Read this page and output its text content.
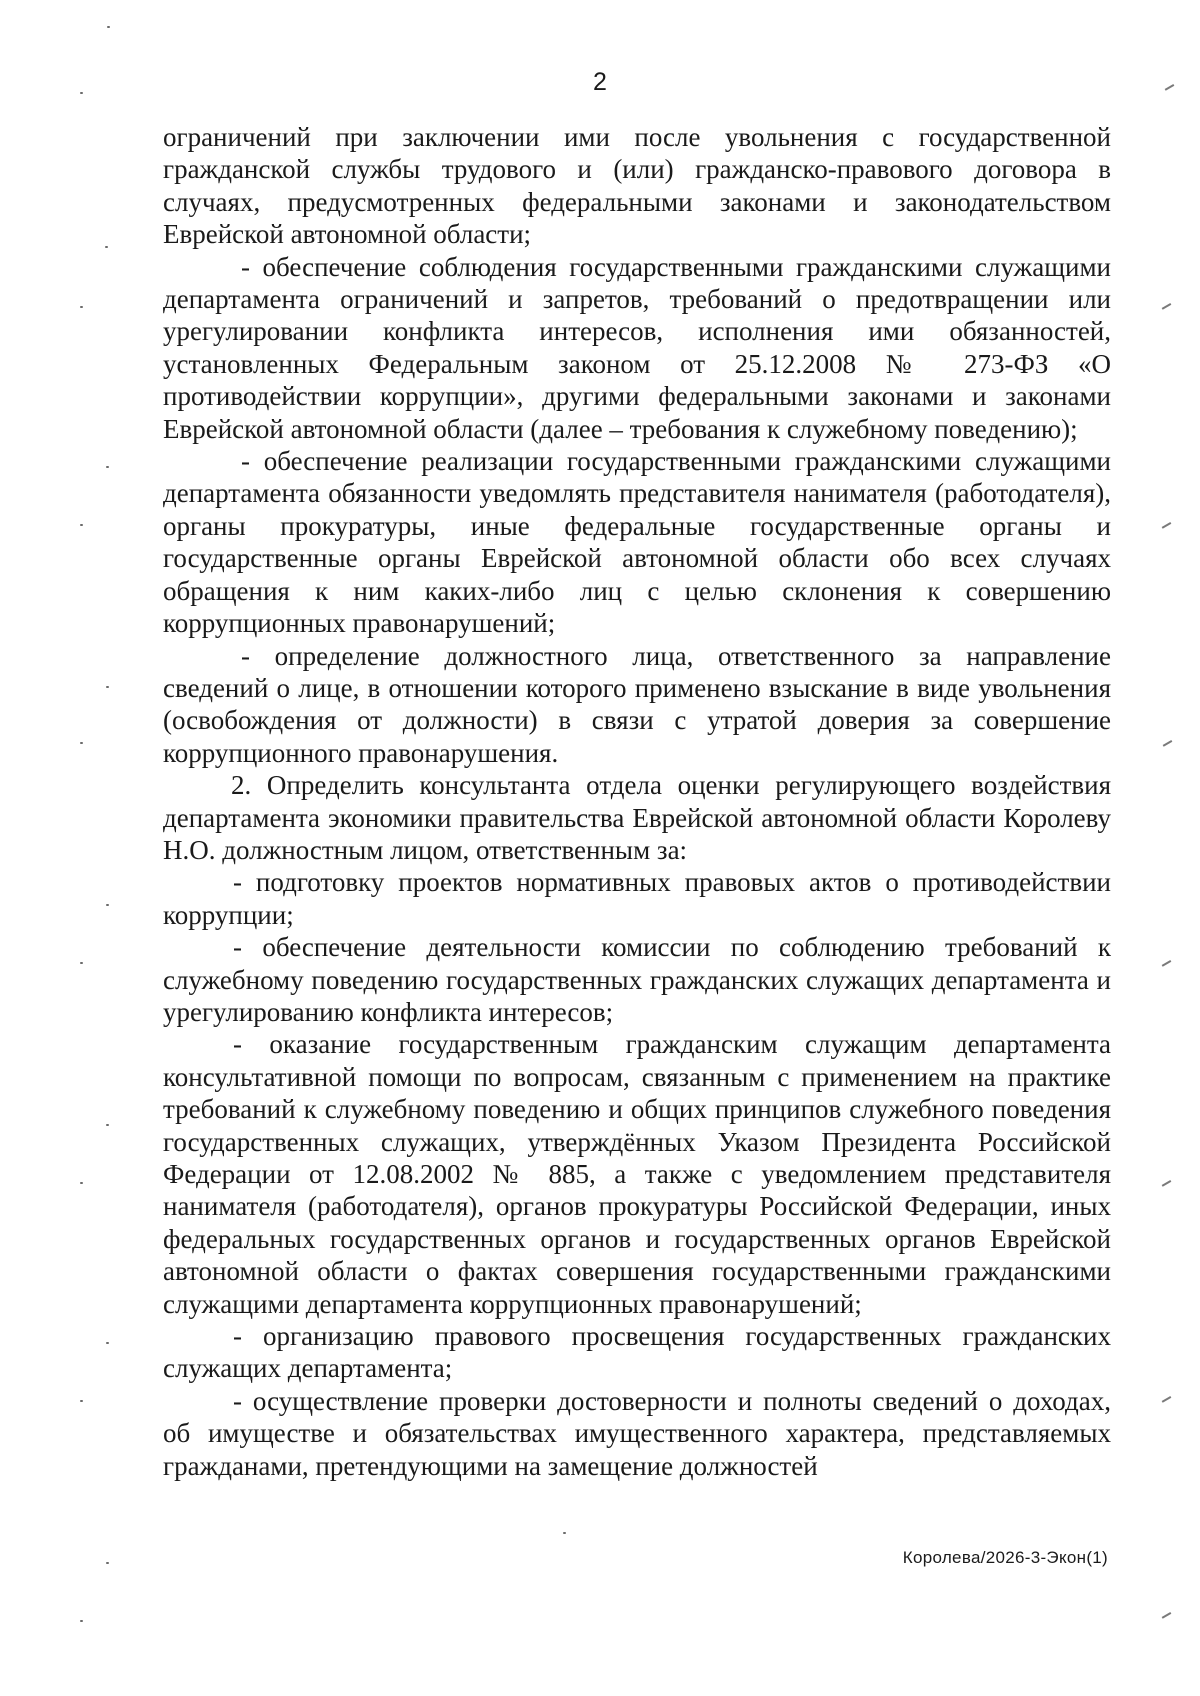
2

ограничений при заключении ими после увольнения с государственной гражданской службы трудового и (или) гражданско-правового договора в случаях, предусмотренных федеральными законами и законодательством Еврейской автономной области;

- обеспечение соблюдения государственными гражданскими служащими департамента ограничений и запретов, требований о предотвращении или урегулировании конфликта интересов, исполнения ими обязанностей, установленных Федеральным законом от 25.12.2008 № 273-ФЗ «О противодействии коррупции», другими федеральными законами и законами Еврейской автономной области (далее – требования к служебному поведению);

- обеспечение реализации государственными гражданскими служащими департамента обязанности уведомлять представителя нанимателя (работодателя), органы прокуратуры, иные федеральные государственные органы и государственные органы Еврейской автономной области обо всех случаях обращения к ним каких-либо лиц с целью склонения к совершению коррупционных правонарушений;

- определение должностного лица, ответственного за направление сведений о лице, в отношении которого применено взыскание в виде увольнения (освобождения от должности) в связи с утратой доверия за совершение коррупционного правонарушения.

2. Определить консультанта отдела оценки регулирующего воздействия департамента экономики правительства Еврейской автономной области Королеву Н.О. должностным лицом, ответственным за:

- подготовку проектов нормативных правовых актов о противодействии коррупции;

- обеспечение деятельности комиссии по соблюдению требований к служебному поведению государственных гражданских служащих департамента и урегулированию конфликта интересов;

- оказание государственным гражданским служащим департамента консультативной помощи по вопросам, связанным с применением на практике требований к служебному поведению и общих принципов служебного поведения государственных служащих, утверждённых Указом Президента Российской Федерации от 12.08.2002 № 885, а также с уведомлением представителя нанимателя (работодателя), органов прокуратуры Российской Федерации, иных федеральных государственных органов и государственных органов Еврейской автономной области о фактах совершения государственными гражданскими служащими департамента коррупционных правонарушений;

- организацию правового просвещения государственных гражданских служащих департамента;

- осуществление проверки достоверности и полноты сведений о доходах, об имуществе и обязательствах имущественного характера, представляемых гражданами, претендующими на замещение должностей

Королева/2026-3-Экон(1)
